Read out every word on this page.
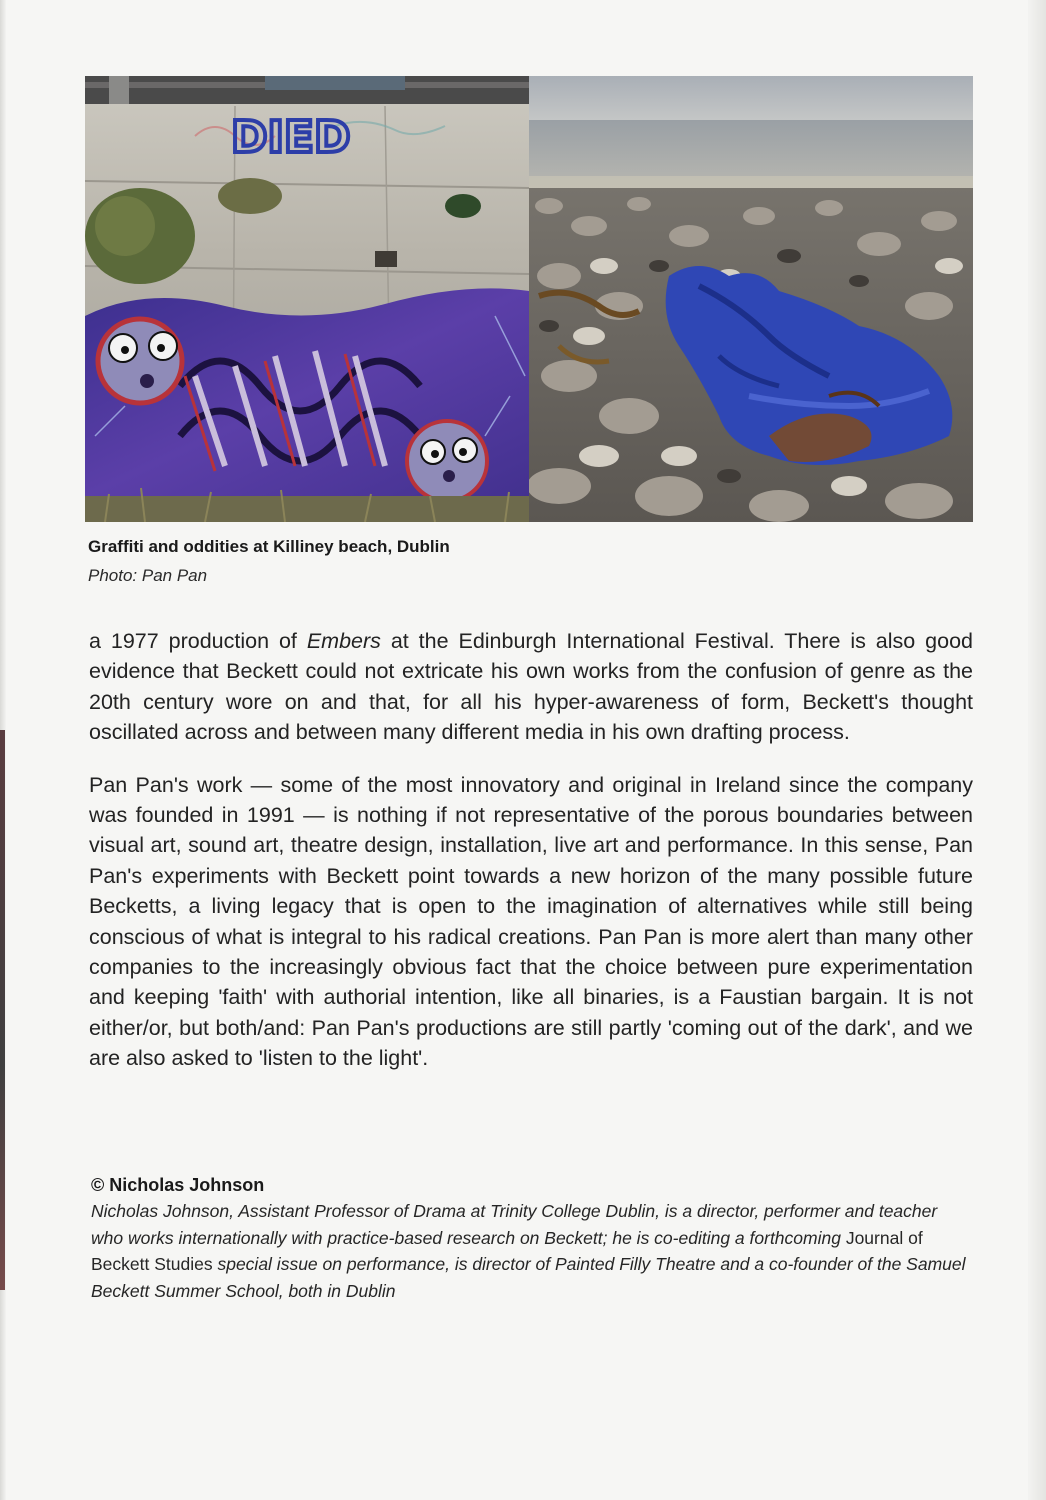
DIED

Graffiti and oddities at Killiney beach, Dublin

Photo: Pan Pan

a 1977 production of Embers at the Edinburgh International Festival. There is also good evidence that Beckett could not extricate his own works from the confusion of genre as the 20th century wore on and that, for all his hyper-awareness of form, Beckett's thought oscillated across and between many different media in his own drafting process.

Pan Pan's work — some of the most innovatory and original in Ireland since the company was founded in 1991 — is nothing if not representative of the porous boundaries between visual art, sound art, theatre design, installation, live art and performance. In this sense, Pan Pan's experiments with Beckett point towards a new horizon of the many possible future Becketts, a living legacy that is open to the imagination of alternatives while still being conscious of what is integral to his radical creations. Pan Pan is more alert than many other companies to the increasingly obvious fact that the choice between pure experimentation and keeping 'faith' with authorial intention, like all binaries, is a Faustian bargain. It is not either/or, but both/and: Pan Pan's productions are still partly 'coming out of the dark', and we are also asked to 'listen to the light'.

© Nicholas Johnson

Nicholas Johnson, Assistant Professor of Drama at Trinity College Dublin, is a director, performer and teacher who works internationally with practice-based research on Beckett; he is co-editing a forthcoming Journal of Beckett Studies special issue on performance, is director of Painted Filly Theatre and a co-founder of the Samuel Beckett Summer School, both in Dublin
